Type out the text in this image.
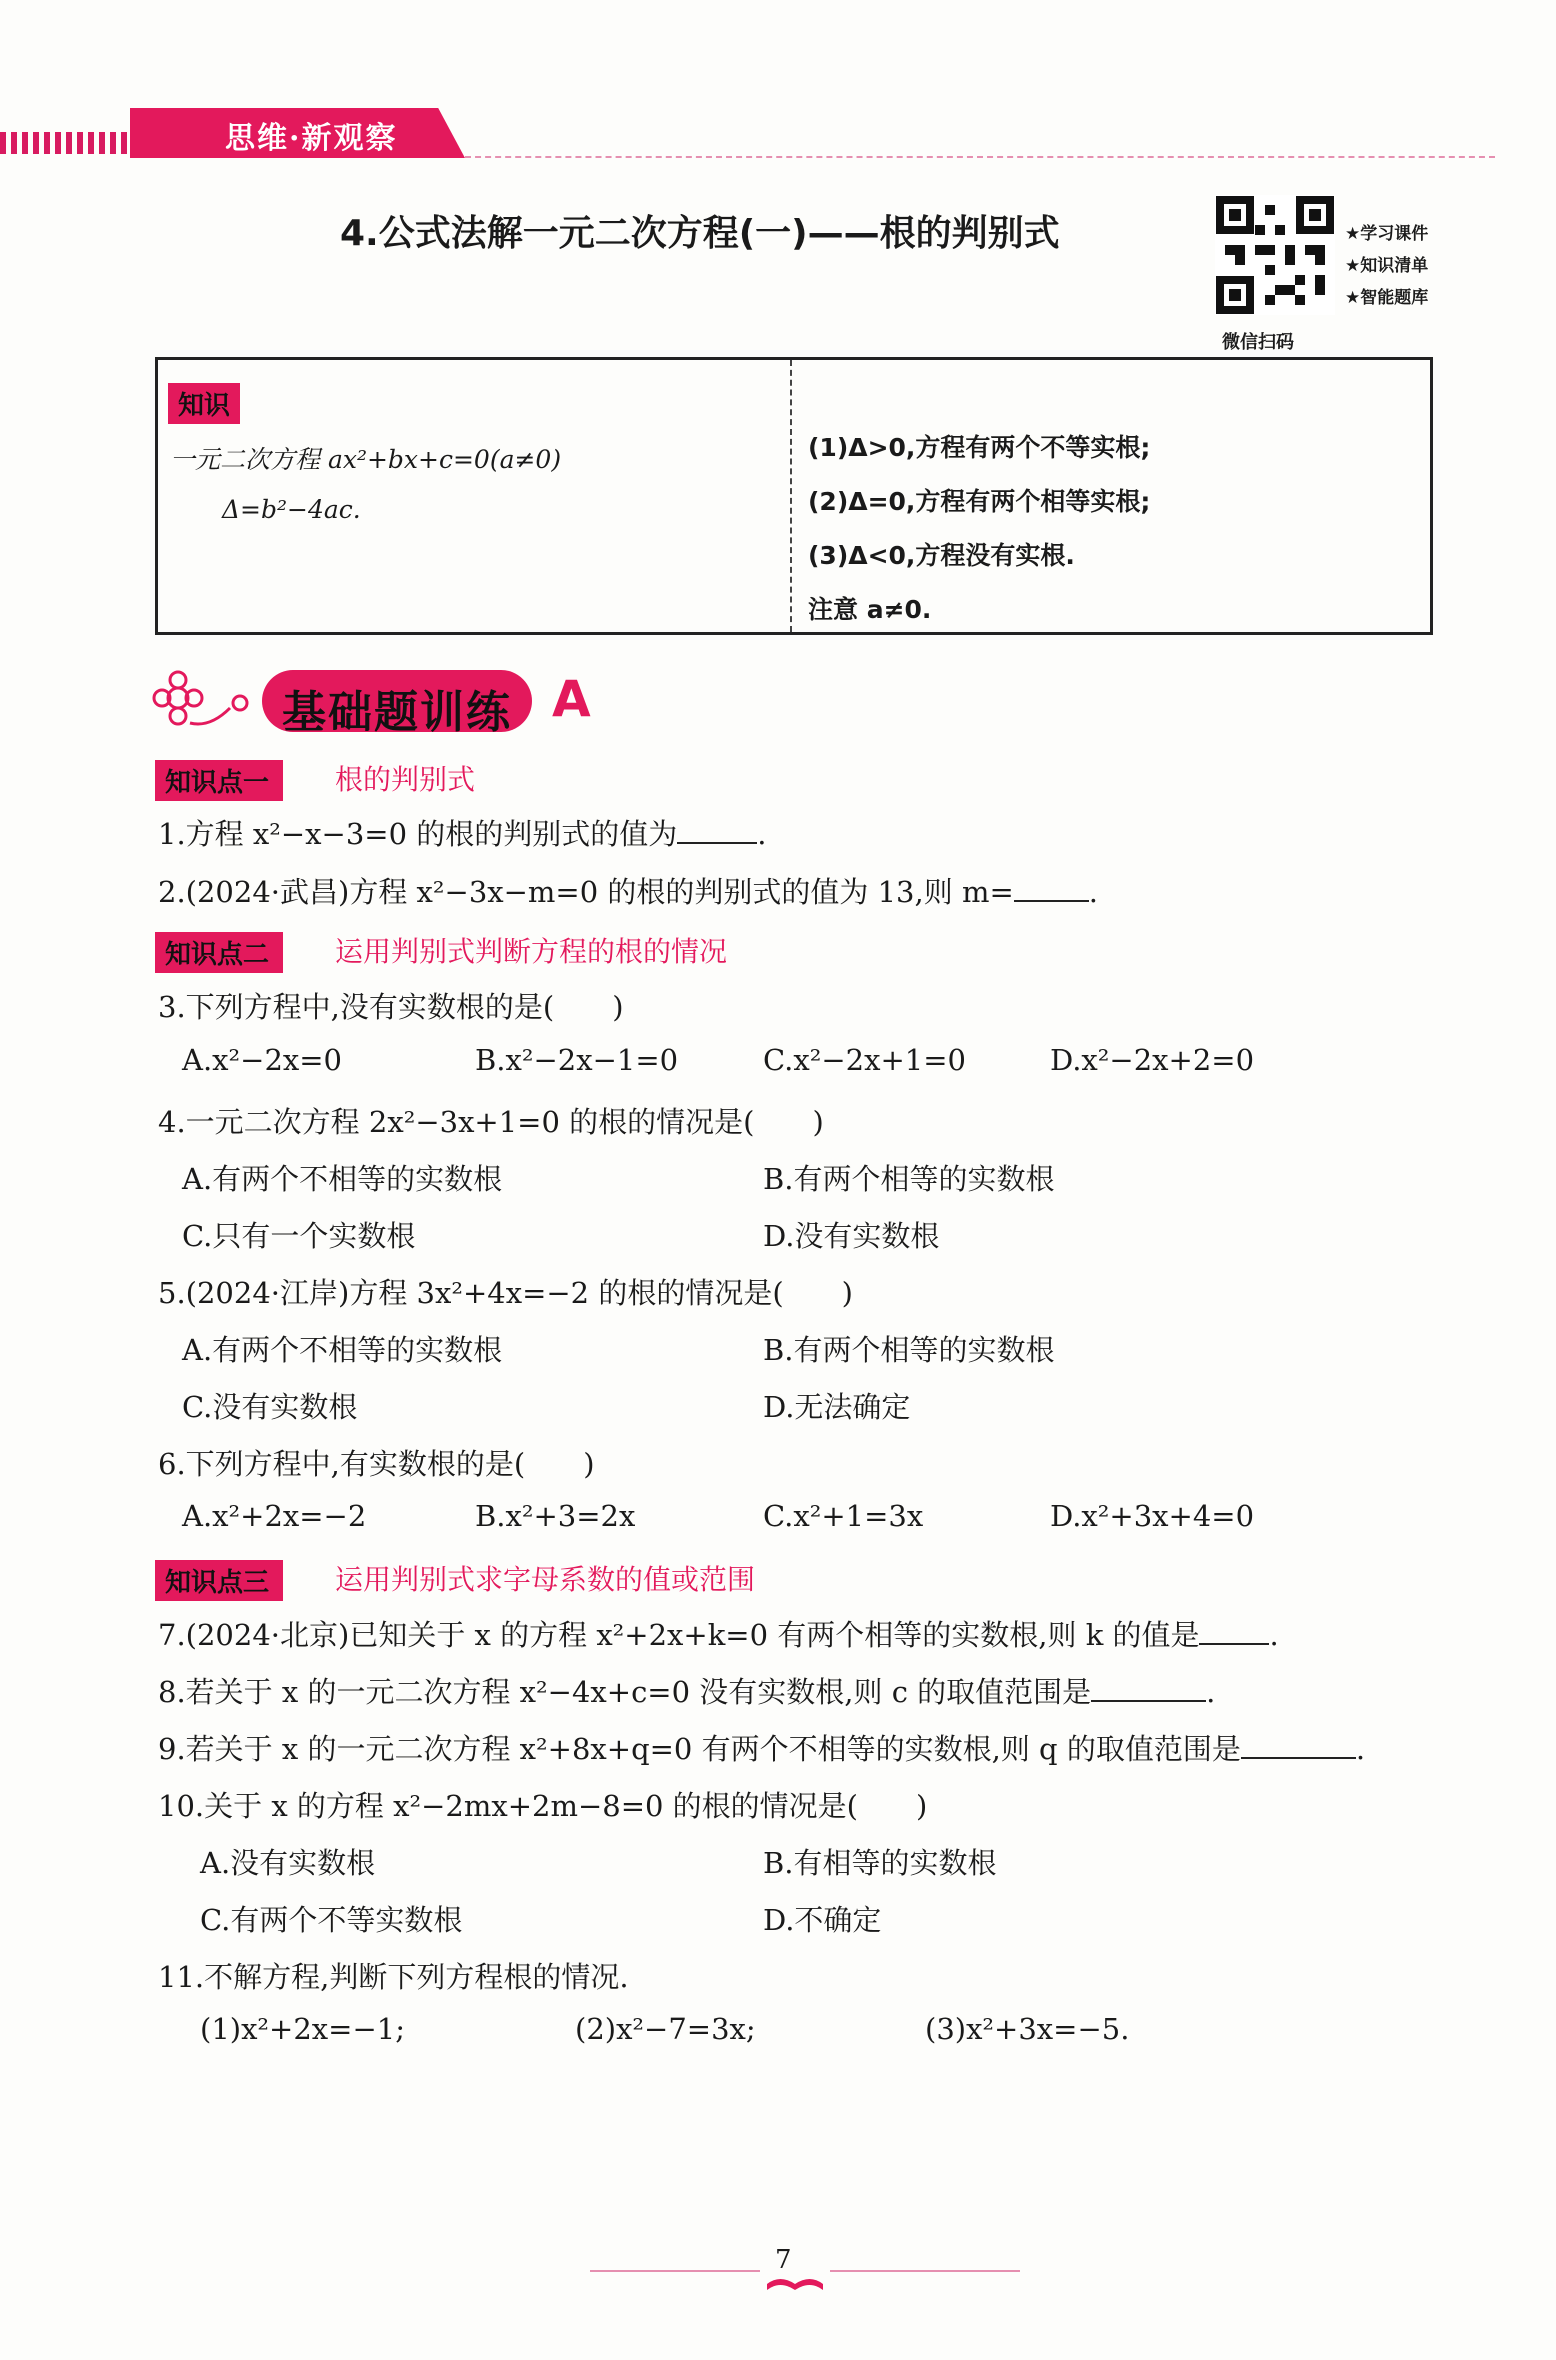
思维·新观察
4.公式法解一元二次方程(一)——根的判别式
微信扫码
★学习课件
★知识清单
★智能题库
知识
一元二次方程 ax²+bx+c=0(a≠0)
Δ=b²−4ac.
(1)Δ>0,方程有两个不等实根;
(2)Δ=0,方程有两个相等实根;
(3)Δ<0,方程没有实根.
注意 a≠0.
基础题训练 A
知识点一	根的判别式
1.方程 x²−x−3=0 的根的判别式的值为	.
2.(2024·武昌)方程 x²−3x−m=0 的根的判别式的值为 13,则 m=	.
知识点二	运用判别式判断方程的根的情况
3.下列方程中,没有实数根的是(　　)
A.x²−2x=0	B.x²−2x−1=0	C.x²−2x+1=0	D.x²−2x+2=0
4.一元二次方程 2x²−3x+1=0 的根的情况是(　　)
A.有两个不相等的实数根	B.有两个相等的实数根
C.只有一个实数根	D.没有实数根
5.(2024·江岸)方程 3x²+4x=−2 的根的情况是(　　)
A.有两个不相等的实数根	B.有两个相等的实数根
C.没有实数根	D.无法确定
6.下列方程中,有实数根的是(　　)
A.x²+2x=−2	B.x²+3=2x	C.x²+1=3x	D.x²+3x+4=0
知识点三	运用判别式求字母系数的值或范围
7.(2024·北京)已知关于 x 的方程 x²+2x+k=0 有两个相等的实数根,则 k 的值是 .
8.若关于 x 的一元二次方程 x²−4x+c=0 没有实数根,则 c 的取值范围是	.
9.若关于 x 的一元二次方程 x²+8x+q=0 有两个不相等的实数根,则 q 的取值范围是	.
10.关于 x 的方程 x²−2mx+2m−8=0 的根的情况是(　　)
A.没有实数根	B.有相等的实数根
C.有两个不等实数根	D.不确定
11.不解方程,判断下列方程根的情况.
(1)x²+2x=−1;	(2)x²−7=3x;	(3)x²+3x=−5.
7
